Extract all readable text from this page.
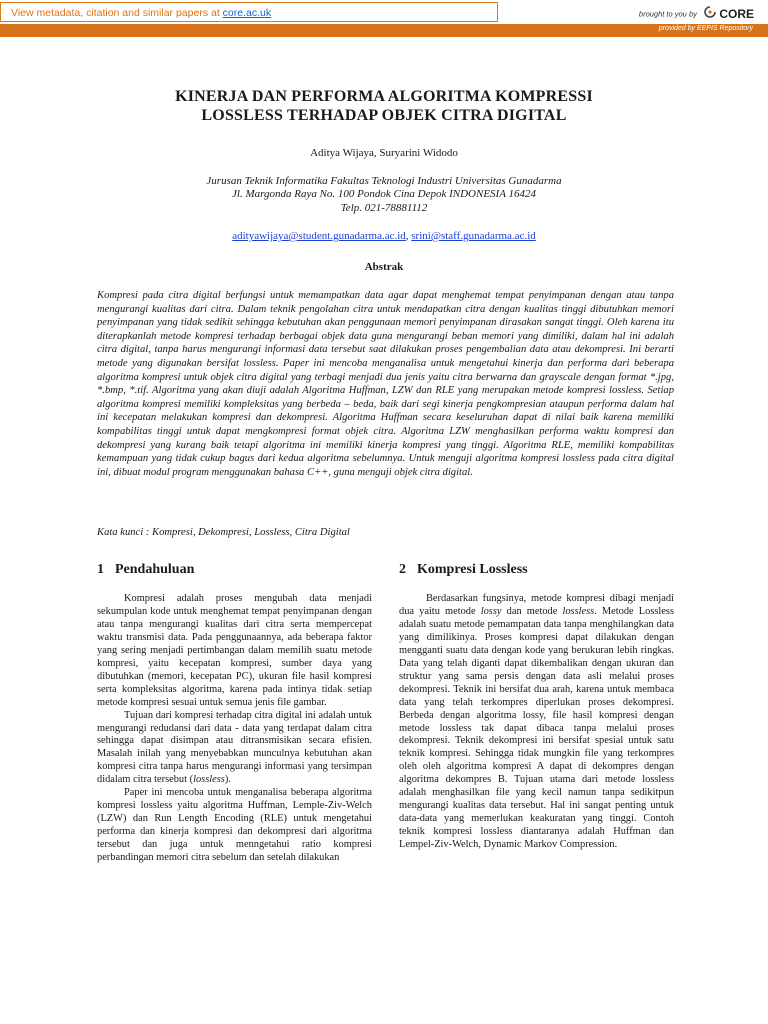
View metadata, citation and similar papers at core.ac.uk	brought to you by CORE
provided by EEPIS Repository
KINERJA DAN PERFORMA ALGORITMA KOMPRESSI
LOSSLESS TERHADAP OBJEK CITRA DIGITAL
Aditya Wijaya, Suryarini Widodo
Jurusan Teknik Informatika Fakultas Teknologi Industri Universitas Gunadarma
Jl. Margonda Raya No. 100 Pondok Cina Depok INDONESIA 16424
Telp. 021-78881112
adityawijaya@student.gunadarma.ac.id, srini@staff.gunadarma.ac.id
Abstrak
Kompresi pada citra digital berfungsi untuk memampatkan data agar dapat menghemat tempat penyimpanan dengan atau tanpa mengurangi kualitas dari citra. Dalam teknik pengolahan citra untuk mendapatkan citra dengan kualitas tinggi dibutuhkan memori penyimpanan yang tidak sedikit sehingga kebutuhan akan penggunaan memori penyimpanan dirasakan sangat tinggi. Oleh karena itu diterapkanlah metode kompresi terhadap berbagai objek data guna mengurangi beban memori yang dimiliki, dalam hal ini adalah citra digital, tanpa harus mengurangi informasi data tersebut saat dilakukan proses pengembalian data atau dekompresi. Ini berarti metode yang digunakan bersifat lossless. Paper ini mencoba menganalisa untuk mengetahui kinerja dan performa dari beberapa algoritma kompresi untuk objek citra digital yang terbagi menjadi dua jenis yaitu citra berwarna dan grayscale dengan format *.jpg, *.bmp, *.tif. Algoritma yang akan diuji adalah Algoritma Huffman, LZW dan RLE yang merupakan metode kompresi lossless. Setiap algoritma kompresi memiliki kompleksitas yang berbeda – beda, baik dari segi kinerja pengkompresian ataupun performa dalam hal ini kecepatan melakukan kompresi dan dekompresi. Algoritma Huffman secara keseluruhan dapat di nilai baik karena memiliki kompabilitas tinggi untuk dapat mengkompresi format objek citra. Algoritma LZW menghasilkan performa waktu kompresi dan dekompresi yang kurang baik tetapi algoritma ini memiliki kinerja kompresi yang tinggi. Algoritma RLE, memiliki kompabilitas kemampuan yang tidak cukup bagus dari kedua algoritma sebelumnya. Untuk menguji algoritma kompresi lossless pada citra digital ini, dibuat modul program menggunakan bahasa C++, guna menguji objek citra digital.
Kata kunci : Kompresi, Dekompresi, Lossless, Citra Digital
1 Pendahuluan

Kompresi adalah proses mengubah data menjadi sekumpulan kode untuk menghemat tempat penyimpanan dengan atau tanpa mengurangi kualitas dari citra serta mempercepat waktu transmisi data. Pada penggunaannya, ada beberapa faktor yang sering menjadi pertimbangan dalam memilih suatu metode kompresi, yaitu kecepatan kompresi, sumber daya yang dibutuhkan (memori, kecepatan PC), ukuran file hasil kompresi serta kompleksitas algoritma, karena pada intinya tidak setiap metode kompresi sesuai untuk semua jenis file gambar.

Tujuan dari kompresi terhadap citra digital ini adalah untuk mengurangi redudansi dari data - data yang terdapat dalam citra sehingga dapat disimpan atau ditransmisikan secara efisien. Masalah inilah yang menyebabkan munculnya kebutuhan akan kompresi citra tanpa harus mengurangi informasi yang tersimpan didalam citra tersebut (lossless).

Paper ini mencoba untuk menganalisa beberapa algoritma kompresi lossless yaitu algoritma Huffman, Lemple-Ziv-Welch (LZW) dan Run Length Encoding (RLE) untuk mengetahui performa dan kinerja kompresi dan dekompresi dari algoritma tersebut dan juga untuk menngetahui ratio kompresi perbandingan memori citra sebelum dan setelah dilakukan

2 Kompresi Lossless

Berdasarkan fungsinya, metode kompresi dibagi menjadi dua yaitu metode lossy dan metode lossless. Metode Lossless adalah suatu metode pemampatan data tanpa menghilangkan data yang dimilikinya. Proses kompresi dapat dilakukan dengan mengganti suatu data dengan kode yang berukuran lebih ringkas. Data yang telah diganti dapat dikembalikan dengan ukuran dan struktur yang sama persis dengan data asli melalui proses dekompresi. Teknik ini bersifat dua arah, karena untuk membaca data yang telah terkompres diperlukan proses dekompresi. Berbeda dengan algoritma lossy, file hasil kompresi dengan metode lossless tak dapat dibaca tanpa melalui proses dekompresi. Teknik dekompresi ini bersifat spesial untuk satu teknik kompresi. Sehingga tidak mungkin file yang terkompres oleh oleh algoritma kompresi A dapat di dekompres dengan algoritma dekompres B. Tujuan utama dari metode lossless adalah menghasilkan file yang kecil namun tanpa sedikitpun mengurangi kualitas data tersebut. Hal ini sangat penting untuk data-data yang memerlukan keakuratan yang tinggi. Contoh teknik kompresi lossless diantaranya adalah Huffman dan Lempel-Ziv-Welch, Dynamic Markov Compression.
